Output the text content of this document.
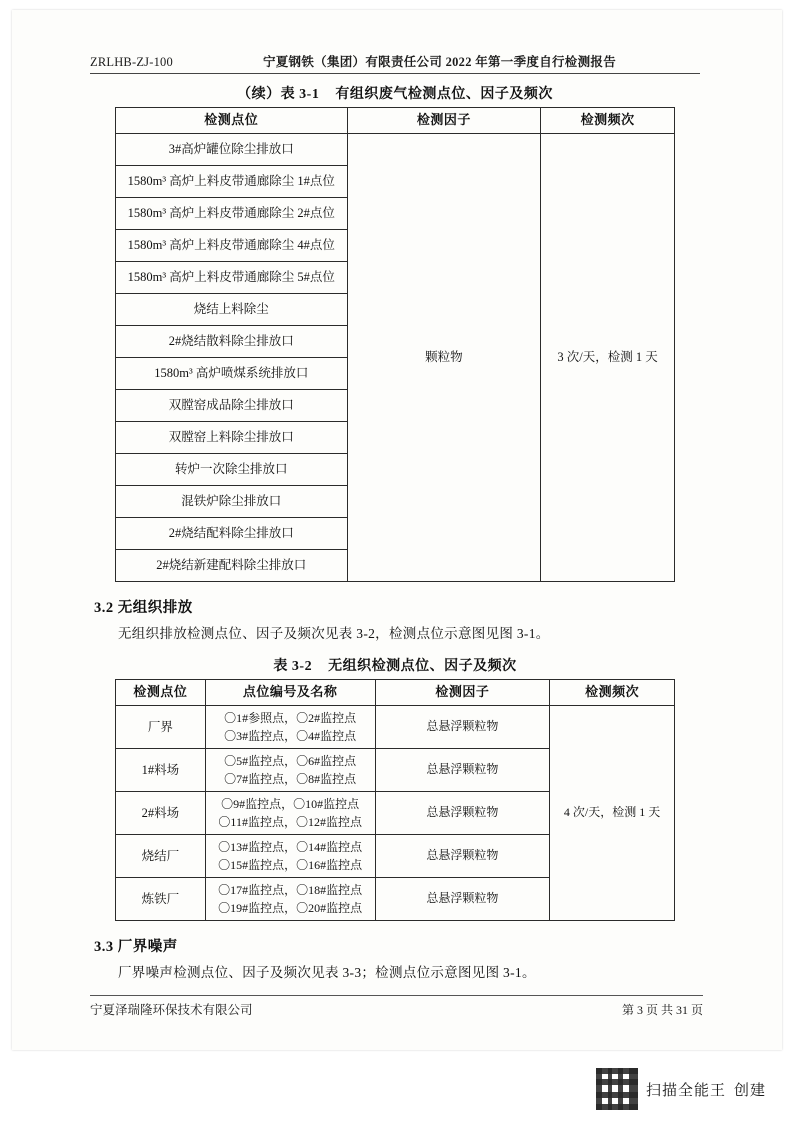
ZRLHB-ZJ-100	宁夏钢铁（集团）有限责任公司 2022 年第一季度自行检测报告
（续）表 3-1 有组织废气检测点位、因子及频次
检测点位	检测因子	检测频次
3#高炉罐位除尘排放口	颗粒物	3 次/天，检测 1 天
1580m³ 高炉上料皮带通廊除尘 1#点位		
1580m³ 高炉上料皮带通廊除尘 2#点位		
1580m³ 高炉上料皮带通廊除尘 4#点位		
1580m³ 高炉上料皮带通廊除尘 5#点位		
烧结上料除尘		
2#烧结散料除尘排放口		
1580m³ 高炉喷煤系统排放口		
双膛窑成品除尘排放口		
双膛窑上料除尘排放口		
转炉一次除尘排放口		
混铁炉除尘排放口		
2#烧结配料除尘排放口		
2#烧结新建配料除尘排放口		
3.2 无组织排放
无组织排放检测点位、因子及频次见表 3-2，检测点位示意图见图 3-1。
表 3-2 无组织检测点位、因子及频次
检测点位	点位编号及名称	检测因子	检测频次
厂界	〇1#参照点，〇2#监控点
〇3#监控点，〇4#监控点	总悬浮颗粒物	4 次/天，检测 1 天
1#料场	〇5#监控点，〇6#监控点
〇7#监控点，〇8#监控点	总悬浮颗粒物	
2#料场	〇9#监控点，〇10#监控点
〇11#监控点，〇12#监控点	总悬浮颗粒物	
烧结厂	〇13#监控点，〇14#监控点
〇15#监控点，〇16#监控点	总悬浮颗粒物	
炼铁厂	〇17#监控点，〇18#监控点
〇19#监控点，〇20#监控点	总悬浮颗粒物	
3.3 厂界噪声
厂界噪声检测点位、因子及频次见表 3-3；检测点位示意图见图 3-1。
宁夏泽瑞隆环保技术有限公司	第 3 页 共 31 页
扫描全能王 创建
